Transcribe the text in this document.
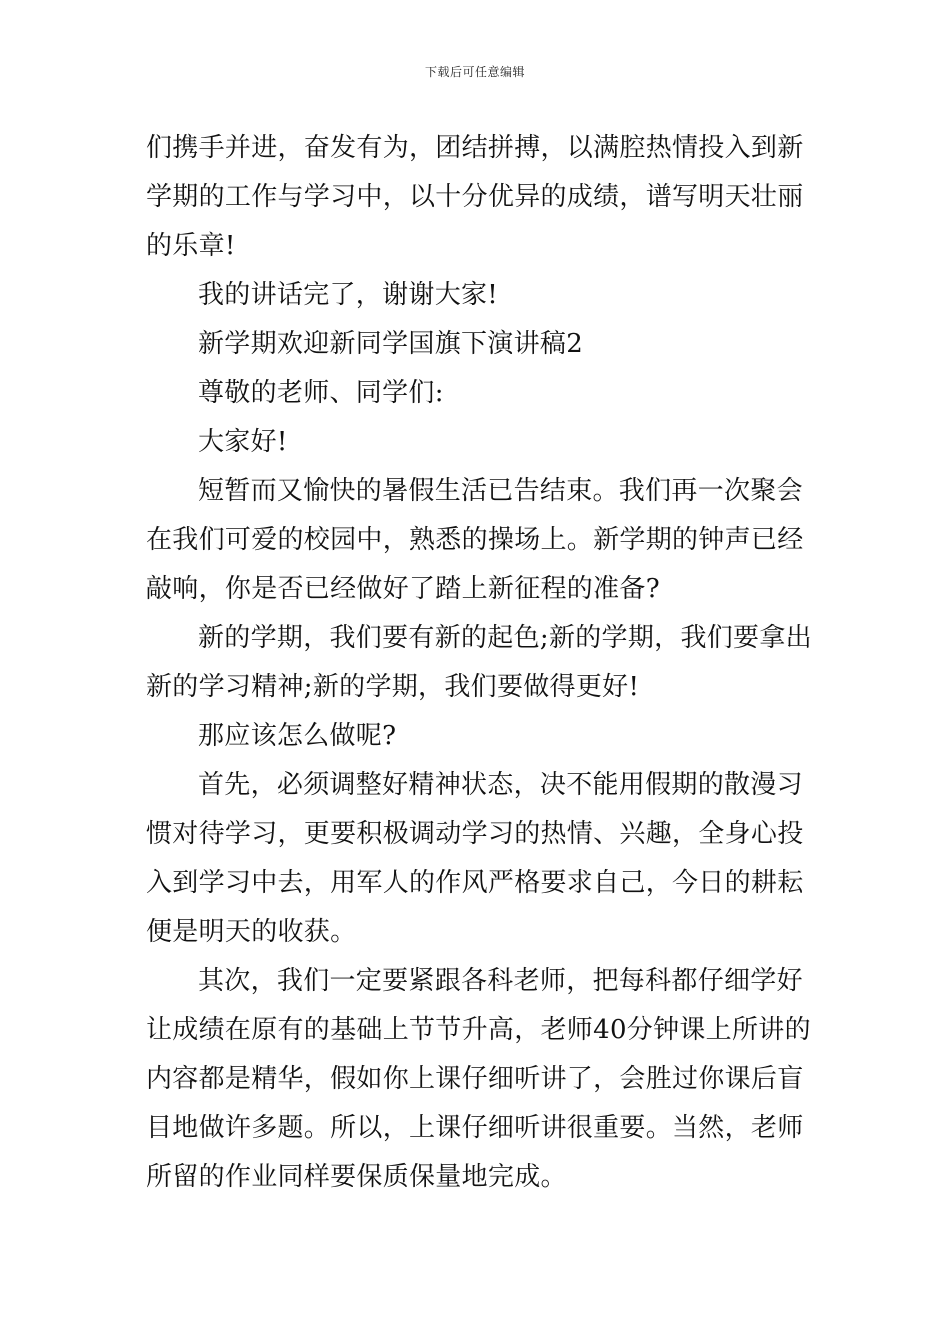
下载后可任意编辑
们携手并进，奋发有为，团结拼搏，以满腔热情投入到新
学期的工作与学习中，以十分优异的成绩，谱写明天壮丽
的乐章!
我的讲话完了，谢谢大家!
新学期欢迎新同学国旗下演讲稿2
尊敬的老师、同学们:
大家好!
短暂而又愉快的暑假生活已告结束。我们再一次聚会
在我们可爱的校园中，熟悉的操场上。新学期的钟声已经
敲响，你是否已经做好了踏上新征程的准备?
新的学期，我们要有新的起色;新的学期，我们要拿出
新的学习精神;新的学期，我们要做得更好!
那应该怎么做呢?
首先，必须调整好精神状态，决不能用假期的散漫习
惯对待学习，更要积极调动学习的热情、兴趣，全身心投
入到学习中去，用军人的作风严格要求自己，今日的耕耘
便是明天的收获。
其次，我们一定要紧跟各科老师，把每科都仔细学好
让成绩在原有的基础上节节升高，老师40分钟课上所讲的
内容都是精华，假如你上课仔细听讲了，会胜过你课后盲
目地做许多题。所以，上课仔细听讲很重要。当然，老师
所留的作业同样要保质保量地完成。
